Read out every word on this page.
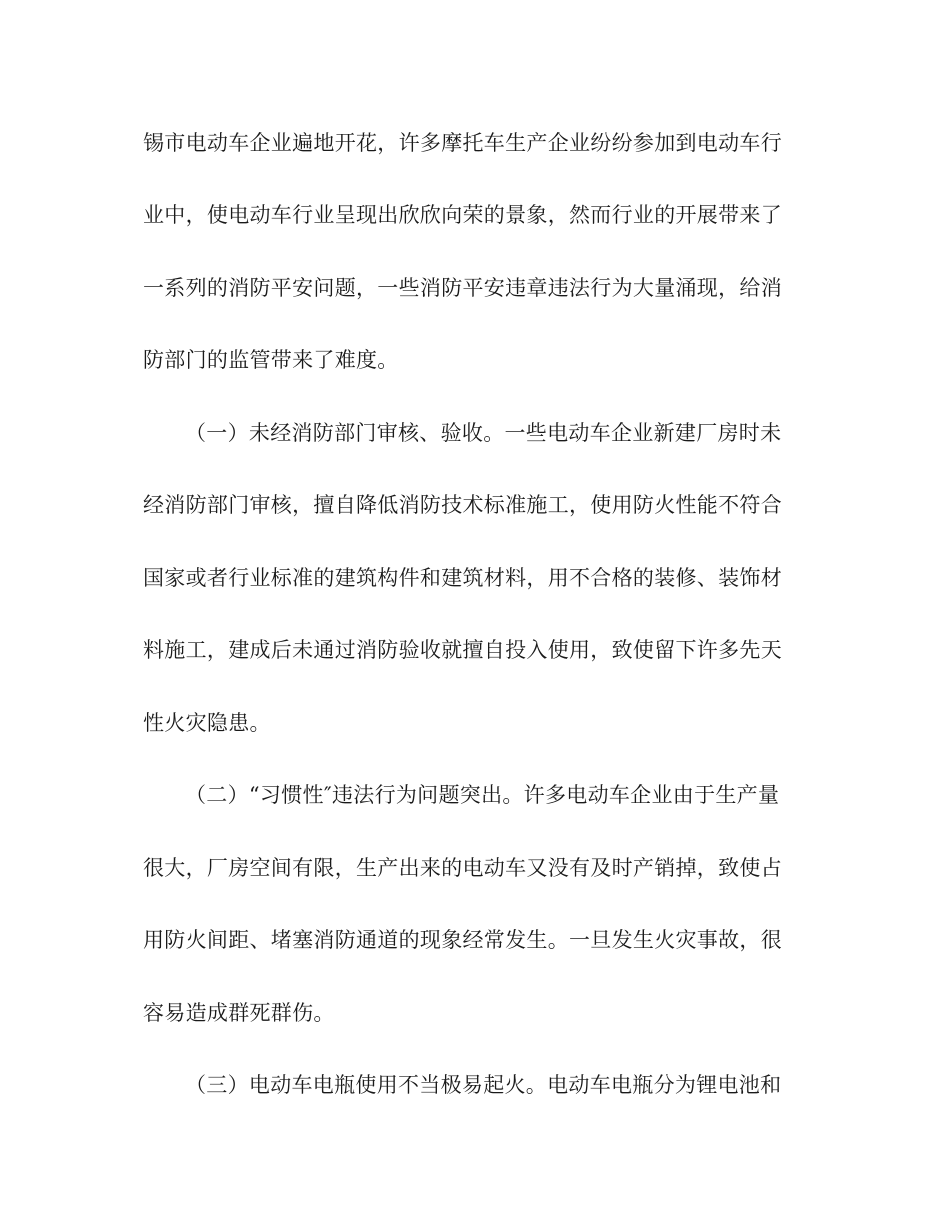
锡市电动车企业遍地开花，许多摩托车生产企业纷纷参加到电动车行
业中，使电动车行业呈现出欣欣向荣的景象，然而行业的开展带来了
一系列的消防平安问题，一些消防平安违章违法行为大量涌现，给消
防部门的监管带来了难度。
（一）未经消防部门审核、验收。一些电动车企业新建厂房时未
经消防部门审核，擅自降低消防技术标准施工，使用防火性能不符合
国家或者行业标准的建筑构件和建筑材料，用不合格的装修、装饰材
料施工，建成后未通过消防验收就擅自投入使用，致使留下许多先天
性火灾隐患。
（二）“习惯性″违法行为问题突出。许多电动车企业由于生产量
很大，厂房空间有限，生产出来的电动车又没有及时产销掉，致使占
用防火间距、堵塞消防通道的现象经常发生。一旦发生火灾事故，很
容易造成群死群伤。
（三）电动车电瓶使用不当极易起火。电动车电瓶分为锂电池和
